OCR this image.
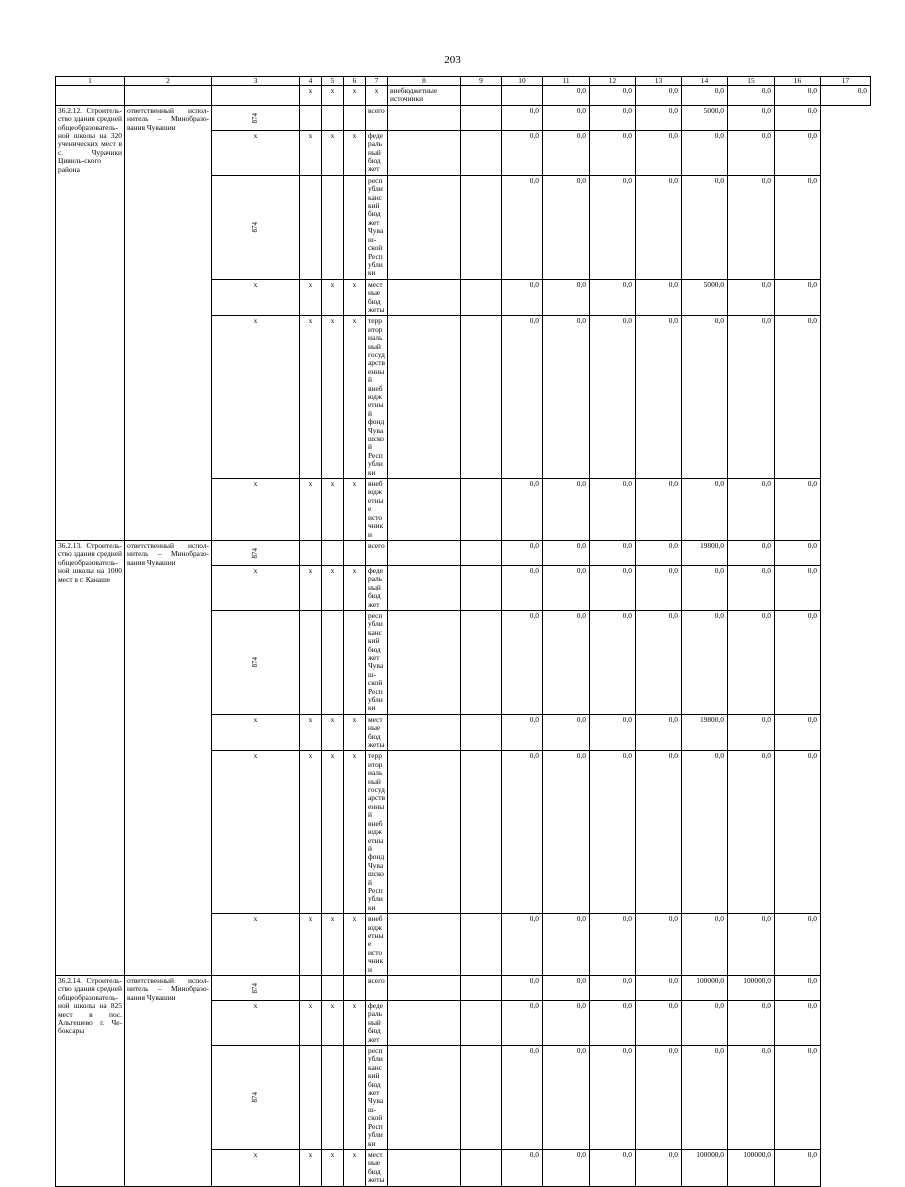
203
1	2	3	4	5	6	7	8	9	10	11	12	13	14	15	16	17
			x	x	x	x	внебюджетные источники			0,0	0,0	0,0	0,0	0,0	0,0	0,0
36.2.12. Строитель-ство здания средней общеобразователь-ной школы на 320 ученических мест в с. Чурачики Цивиль-ского района	ответственный испол-нитель – Минобразо-вания Чувашии	874				всего			0,0	0,0	0,0	0,0	5000,0	0,0	0,0	
		x	x	x	x	федеральный бюджет			0,0	0,0	0,0	0,0	0,0	0,0	0,0	

		874				республиканский бюджет Чуваш-ской Республики			0,0	0,0	0,0	0,0	0,0	0,0	0,0	
		x	x	x	x	местные бюджеты			0,0	0,0	0,0	0,0	5000,0	0,0	0,0	
		x	x	x	x	территориальный государственный внебюджетный фонд Чувашской Республики			0,0	0,0	0,0	0,0	0,0	0,0	0,0	
		x	x	x	x	внебюджетные источники			0,0	0,0	0,0	0,0	0,0	0,0	0,0	
36.2.13. Строитель-ство здания средней общеобразователь-ной школы на 1000 мест в г. Канаше	ответственный испол-нитель – Минобразо-вания Чувашии	874				всего			0,0	0,0	0,0	0,0	19800,0	0,0	0,0	
		x	x	x	x	федеральный бюджет			0,0	0,0	0,0	0,0	0,0	0,0	0,0	

		874				республиканский бюджет Чуваш-ской Республики			0,0	0,0	0,0	0,0	0,0	0,0	0,0	
		x	x	x	x	местные бюджеты			0,0	0,0	0,0	0,0	19800,0	0,0	0,0	
		x	x	x	x	территориальный государственный внебюджетный фонд Чувашской Республики			0,0	0,0	0,0	0,0	0,0	0,0	0,0	
		x	x	x	x	внебюджетные источники			0,0	0,0	0,0	0,0	0,0	0,0	0,0	
36.2.14. Строитель-ство здания средней общеобразователь-ной школы на 825 мест в пос. Альгешево г. Че-боксары	ответственный испол-нитель – Минобразо-вания Чувашии	874				всего			0,0	0,0	0,0	0,0	100000,0	100000,0	0,0	
		x	x	x	x	федеральный бюджет			0,0	0,0	0,0	0,0	0,0	0,0	0,0	

		874				республиканский бюджет Чуваш-ской Республики			0,0	0,0	0,0	0,0	0,0	0,0	0,0	
		x	x	x	x	местные бюджеты			0,0	0,0	0,0	0,0	100000,0	100000,0	0,0	
